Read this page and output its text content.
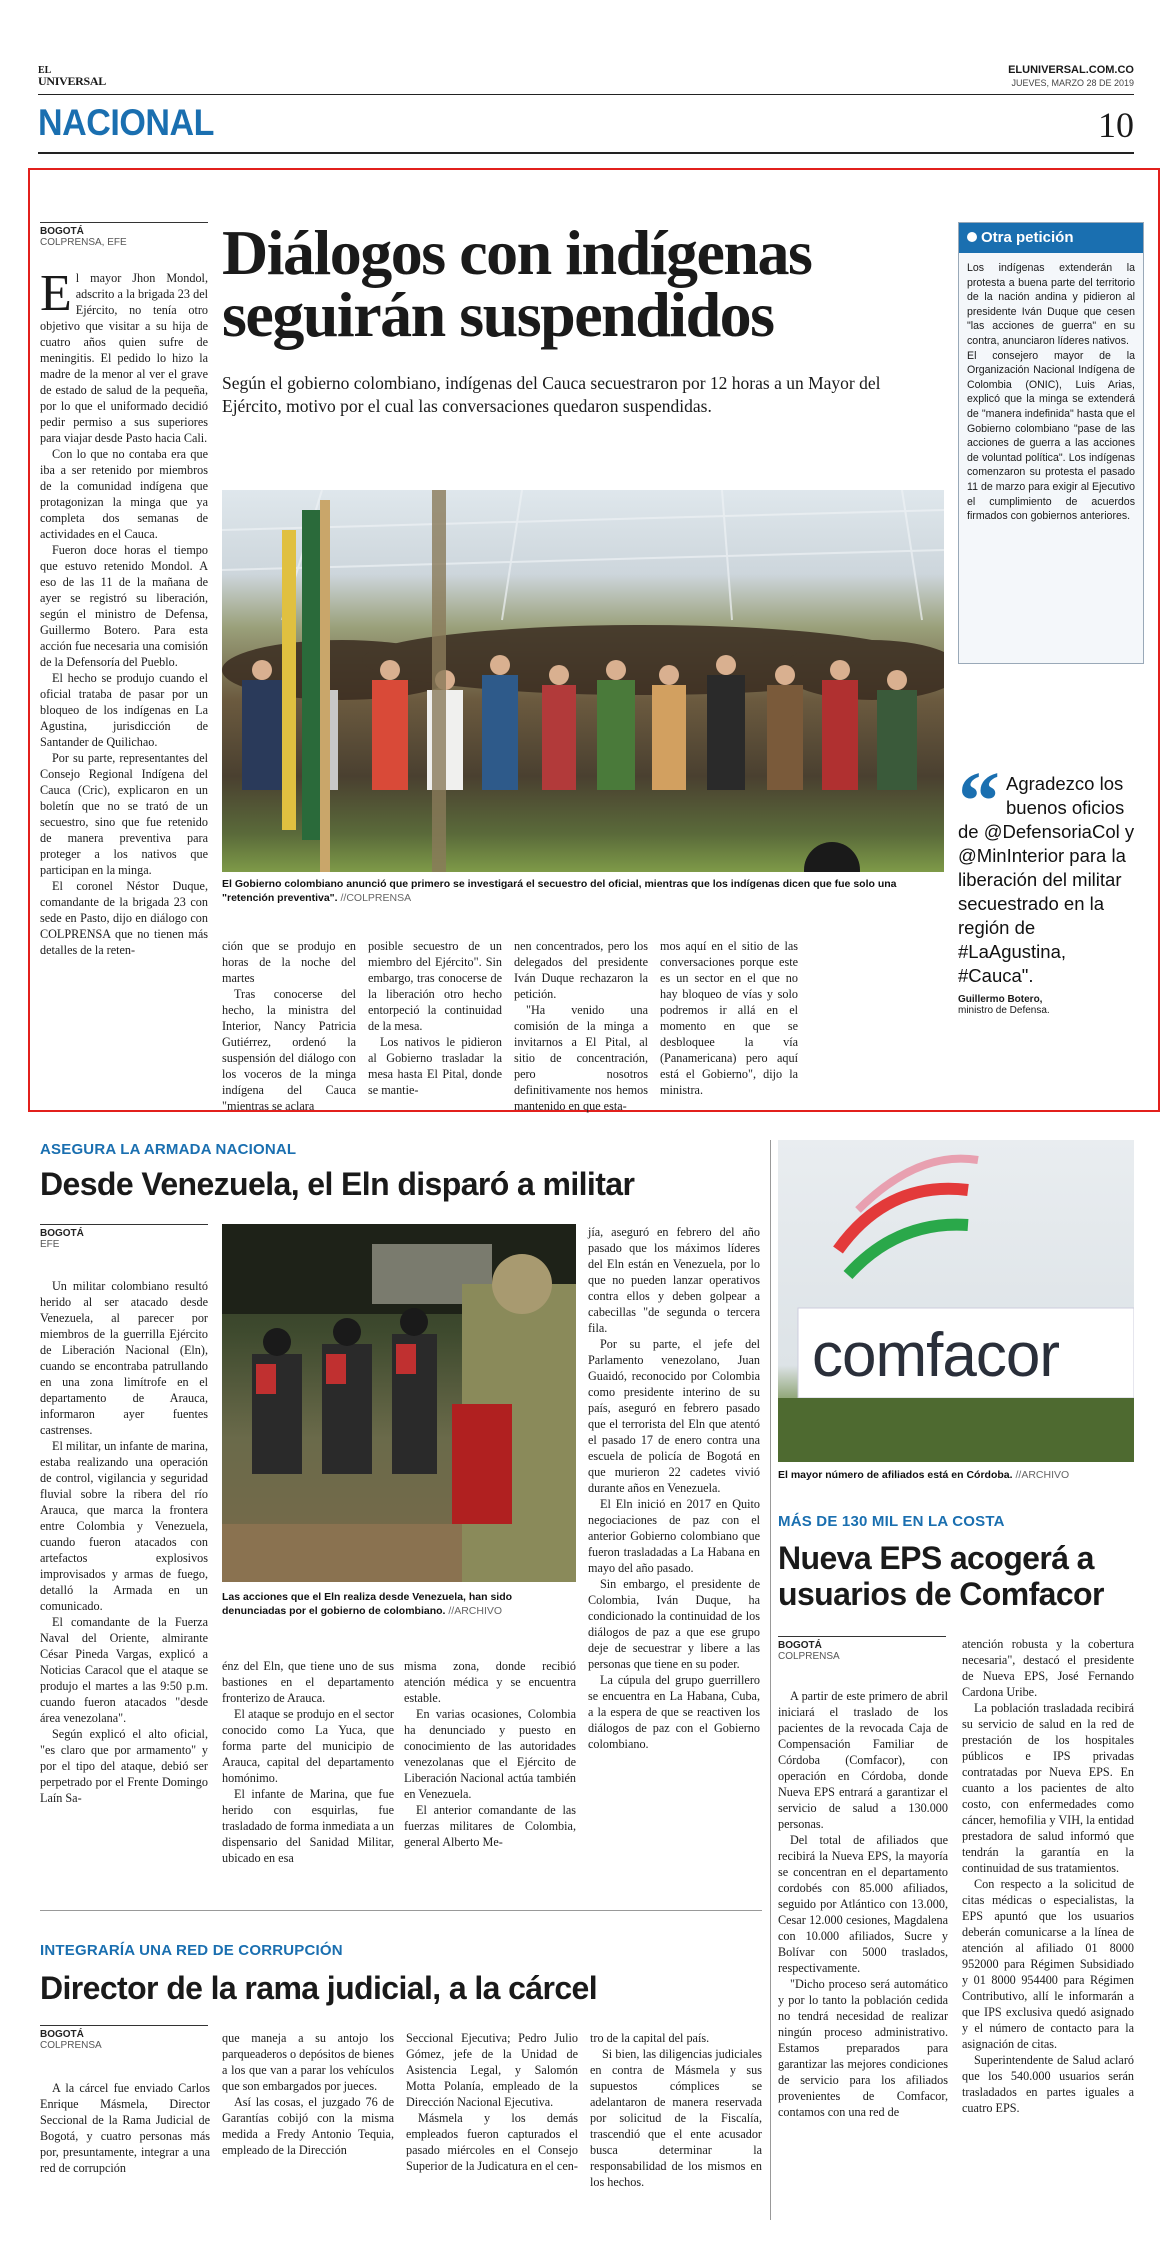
EL
UNIVERSAL
ELUNIVERSAL.COM.CO
JUEVES, MARZO 28 DE 2019
NACIONAL	10
BOGOTÁ
COLPRENSA, EFE	Diálogos con indígenas
seguirán suspendidos
Según el gobierno colombiano, indígenas del Cauca secuestraron por 12 horas a un Mayor del Ejército, motivo por el cual las conversaciones quedaron suspendidas.

El mayor Jhon Mondol, adscrito a la brigada 23 del Ejército, no tenía otro objetivo que visitar a su hija de cuatro años quien sufre de meningitis. El pedido lo hizo la madre de la menor al ver el grave de estado de salud de la pequeña, por lo que el uniformado decidió pedir permiso a sus superiores para viajar desde Pasto hacia Cali.

Con lo que no contaba era que iba a ser retenido por miembros de la comunidad indígena que protagonizan la minga que ya completa dos semanas de actividades en el Cauca.

Fueron doce horas el tiempo que estuvo retenido Mondol. A eso de las 11 de la mañana de ayer se registró su liberación, según el ministro de Defensa, Guillermo Botero. Para esta acción fue necesaria una comisión de la Defensoría del Pueblo.

El hecho se produjo cuando el oficial trataba de pasar por un bloqueo de los indígenas en La Agustina, jurisdicción de Santander de Quilichao.

Por su parte, representantes del Consejo Regional Indígena del Cauca (Cric), explicaron en un boletín que no se trató de un secuestro, sino que fue retenido de manera preventiva para proteger a los nativos que participan en la minga.

El coronel Néstor Duque, comandante de la brigada 23 con sede en Pasto, dijo en diálogo con COLPRENSA que no tienen más detalles de la reten-

El Gobierno colombiano anunció que primero se investigará el secuestro del oficial, mientras que los indígenas dicen que fue solo una "retención preventiva". //COLPRENSA

ción que se produjo en horas de la noche del martes

Tras conocerse del hecho, la ministra del Interior, Nancy Patricia Gutiérrez, ordenó la suspensión del diálogo con los voceros de la minga indígena del Cauca "mientras se aclara

posible secuestro de un miembro del Ejército". Sin embargo, tras conocerse de la liberación otro hecho entorpeció la continuidad de la mesa.

Los nativos le pidieron al Gobierno trasladar la mesa hasta El Pital, donde se mantie-

nen concentrados, pero los delegados del presidente Iván Duque rechazaron la petición.

"Ha venido una comisión de la minga a invitarnos a El Pital, al sitio de concentración, pero nosotros definitivamente nos hemos mantenido en que esta-

mos aquí en el sitio de las conversaciones porque este es un sector en el que no hay bloqueo de vías y solo podremos ir allá en el momento en que se desbloquee la vía (Panamericana) pero aquí está el Gobierno", dijo la ministra.

Otra petición

Los indígenas extenderán la protesta a buena parte del territorio de la nación andina y pidieron al presidente Iván Duque que cesen "las acciones de guerra" en su contra, anunciaron líderes nativos.

El consejero mayor de la Organización Nacional Indígena de Colombia (ONIC), Luis Arias, explicó que la minga se extenderá de "manera indefinida" hasta que el Gobierno colombiano "pase de las acciones de guerra a las acciones de voluntad política". Los indígenas comenzaron su protesta el pasado 11 de marzo para exigir al Ejecutivo el cumplimiento de acuerdos firmados con gobiernos anteriores.

“ Agradezco los buenos oficios de @DefensoriaCol y @MinInterior para la liberación del militar secuestrado en la región de #LaAgustina, #Cauca".
Guillermo Botero,
ministro de Defensa.
ASEGURA LA ARMADA NACIONAL
Desde Venezuela, el Eln disparó a militar
BOGOTÁ
EFE

Un militar colombiano resultó herido al ser atacado desde Venezuela, al parecer por miembros de la guerrilla Ejército de Liberación Nacional (Eln), cuando se encontraba patrullando en una zona limítrofe en el departamento de Arauca, informaron ayer fuentes castrenses.

El militar, un infante de marina, estaba realizando una operación de control, vigilancia y seguridad fluvial sobre la ribera del río Arauca, que marca la frontera entre Colombia y Venezuela, cuando fueron atacados con artefactos explosivos improvisados y armas de fuego, detalló la Armada en un comunicado.

El comandante de la Fuerza Naval del Oriente, almirante César Pineda Vargas, explicó a Noticias Caracol que el ataque se produjo el martes a las 9:50 p.m. cuando fueron atacados "desde área venezolana".

Según explicó el alto oficial, "es claro que por armamento" y por el tipo del ataque, debió ser perpetrado por el Frente Domingo Laín Sa-

Las acciones que el Eln realiza desde Venezuela, han sido denunciadas por el gobierno de colombiano. //ARCHIVO

énz del Eln, que tiene uno de sus bastiones en el departamento fronterizo de Arauca.

El ataque se produjo en el sector conocido como La Yuca, que forma parte del municipio de Arauca, capital del departamento homónimo.

El infante de Marina, que fue herido con esquirlas, fue trasladado de forma inmediata a un dispensario del Sanidad Militar, ubicado en esa

misma zona, donde recibió atención médica y se encuentra estable.

En varias ocasiones, Colombia ha denunciado y puesto en conocimiento de las autoridades venezolanas que el Ejército de Liberación Nacional actúa también en Venezuela.

El anterior comandante de las fuerzas militares de Colombia, general Alberto Me-

jía, aseguró en febrero del año pasado que los máximos líderes del Eln están en Venezuela, por lo que no pueden lanzar operativos contra ellos y deben golpear a cabecillas "de segunda o tercera fila.

Por su parte, el jefe del Parlamento venezolano, Juan Guaidó, reconocido por Colombia como presidente interino de su país, aseguró en febrero pasado que el terrorista del Eln que atentó el pasado 17 de enero contra una escuela de policía de Bogotá en que murieron 22 cadetes vivió durante años en Venezuela.

El Eln inició en 2017 en Quito negociaciones de paz con el anterior Gobierno colombiano que fueron trasladadas a La Habana en mayo del año pasado.

Sin embargo, el presidente de Colombia, Iván Duque, ha condicionado la continuidad de los diálogos de paz a que ese grupo deje de secuestrar y libere a las personas que tiene en su poder.

La cúpula del grupo guerrillero se encuentra en La Habana, Cuba, a la espera de que se reactiven los diálogos de paz con el Gobierno colombiano.

comfacor
El mayor número de afiliados está en Córdoba. //ARCHIVO
MÁS DE 130 MIL EN LA COSTA
Nueva EPS acogerá a
usuarios de Comfacor
BOGOTÁ
COLPRENSA

A partir de este primero de abril iniciará el traslado de los pacientes de la revocada Caja de Compensación Familiar de Córdoba (Comfacor), con operación en Córdoba, donde Nueva EPS entrará a garantizar el servicio de salud a 130.000 personas.

Del total de afiliados que recibirá la Nueva EPS, la mayoría se concentran en el departamento cordobés con 85.000 afiliados, seguido por Atlántico con 13.000, Cesar 12.000 cesiones, Magdalena con 10.000 afiliados, Sucre y Bolívar con 5000 traslados, respectivamente.

"Dicho proceso será automático y por lo tanto la población cedida no tendrá necesidad de realizar ningún proceso administrativo. Estamos preparados para garantizar las mejores condiciones de servicio para los afiliados provenientes de Comfacor, contamos con una red de

atención robusta y la cobertura necesaria", destacó el presidente de Nueva EPS, José Fernando Cardona Uribe.

La población trasladada recibirá su servicio de salud en la red de prestación de los hospitales públicos e IPS privadas contratadas por Nueva EPS. En cuanto a los pacientes de alto costo, con enfermedades como cáncer, hemofilia y VIH, la entidad prestadora de salud informó que tendrán la garantía en la continuidad de sus tratamientos.

Con respecto a la solicitud de citas médicas o especialistas, la EPS apuntó que los usuarios deberán comunicarse a la línea de atención al afiliado 01 8000 952000 para Régimen Subsidiado y 01 8000 954400 para Régimen Contributivo, allí le informarán a que IPS exclusiva quedó asignado y el número de contacto para la asignación de citas.

Superintendente de Salud aclaró que los 540.000 usuarios serán trasladados en partes iguales a cuatro EPS.

INTEGRARÍA UNA RED DE CORRUPCIÓN
Director de la rama judicial, a la cárcel
BOGOTÁ
COLPRENSA

A la cárcel fue enviado Carlos Enrique Másmela, Director Seccional de la Rama Judicial de Bogotá, y cuatro personas más por, presuntamente, integrar a una red de corrupción

que maneja a su antojo los parqueaderos o depósitos de bienes a los que van a parar los vehículos que son embargados por jueces.

Así las cosas, el juzgado 76 de Garantías cobijó con la misma medida a Fredy Antonio Tequia, empleado de la Dirección

Seccional Ejecutiva; Pedro Julio Gómez, jefe de la Unidad de Asistencia Legal, y Salomón Motta Polanía, empleado de la Dirección Nacional Ejecutiva.

Másmela y los demás empleados fueron capturados el pasado miércoles en el Consejo Superior de la Judicatura en el cen-

tro de la capital del país.

Si bien, las diligencias judiciales en contra de Másmela y sus supuestos cómplices se adelantaron de manera reservada por solicitud de la Fiscalía, trascendió que el ente acusador busca determinar la responsabilidad de los mismos en los hechos.
